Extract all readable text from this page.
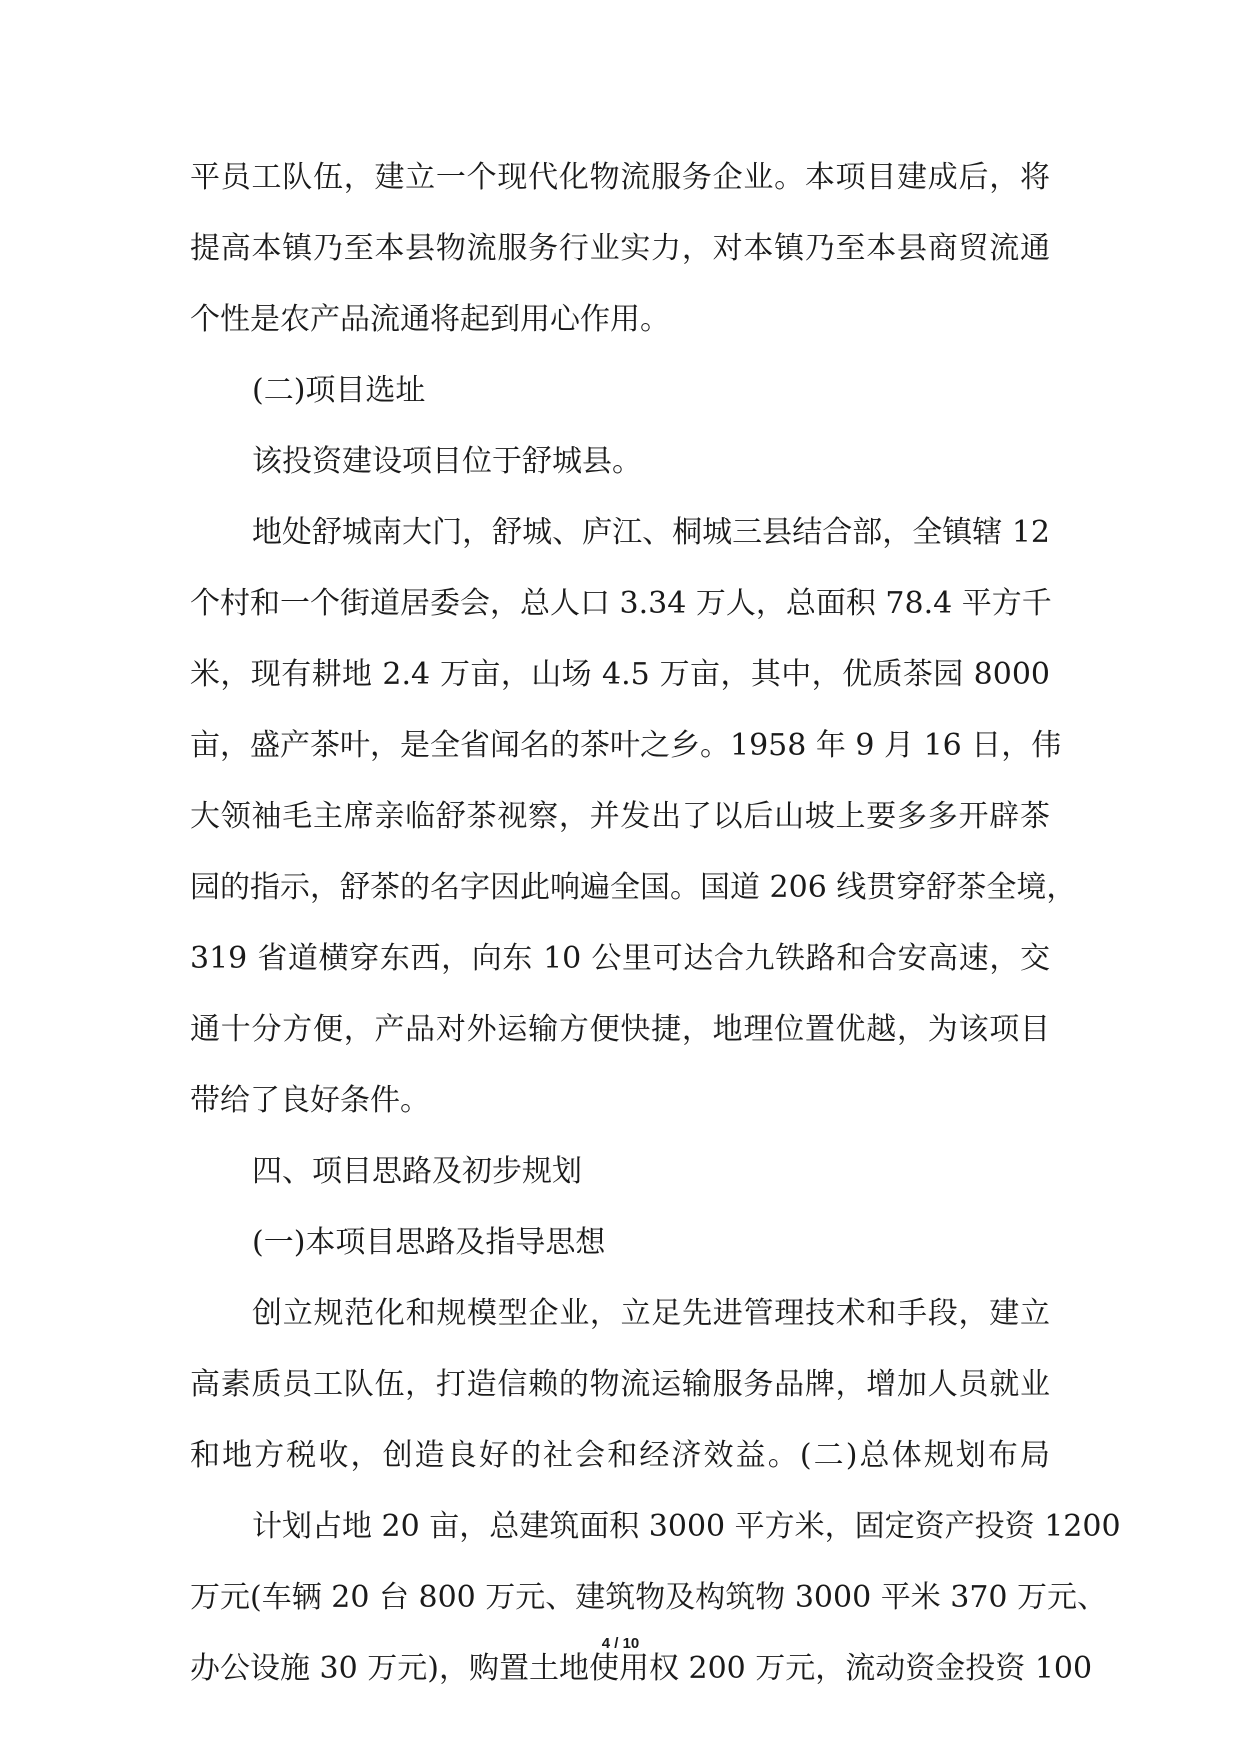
平员工队伍，建立一个现代化物流服务企业。本项目建成后，将
提高本镇乃至本县物流服务行业实力，对本镇乃至本县商贸流通
个性是农产品流通将起到用心作用。
(二)项目选址
该投资建设项目位于舒城县。
地处舒城南大门，舒城、庐江、桐城三县结合部，全镇辖 12
个村和一个街道居委会，总人口 3.34 万人，总面积 78.4 平方千
米，现有耕地 2.4 万亩，山场 4.5 万亩，其中，优质茶园 8000
亩，盛产茶叶，是全省闻名的茶叶之乡。1958 年 9 月 16 日，伟
大领袖毛主席亲临舒茶视察，并发出了以后山坡上要多多开辟茶
园的指示，舒茶的名字因此响遍全国。国道 206 线贯穿舒茶全境，
319 省道横穿东西，向东 10 公里可达合九铁路和合安高速，交
通十分方便，产品对外运输方便快捷，地理位置优越，为该项目
带给了良好条件。
四、项目思路及初步规划
(一)本项目思路及指导思想
创立规范化和规模型企业，立足先进管理技术和手段，建立
高素质员工队伍，打造信赖的物流运输服务品牌，增加人员就业
和地方税收，创造良好的社会和经济效益。(二)总体规划布局
计划占地 20 亩，总建筑面积 3000 平方米，固定资产投资 1200
万元(车辆 20 台 800 万元、建筑物及构筑物 3000 平米 370 万元、
办公设施 30 万元)，购置土地使用权 200 万元，流动资金投资 100
4 / 10
